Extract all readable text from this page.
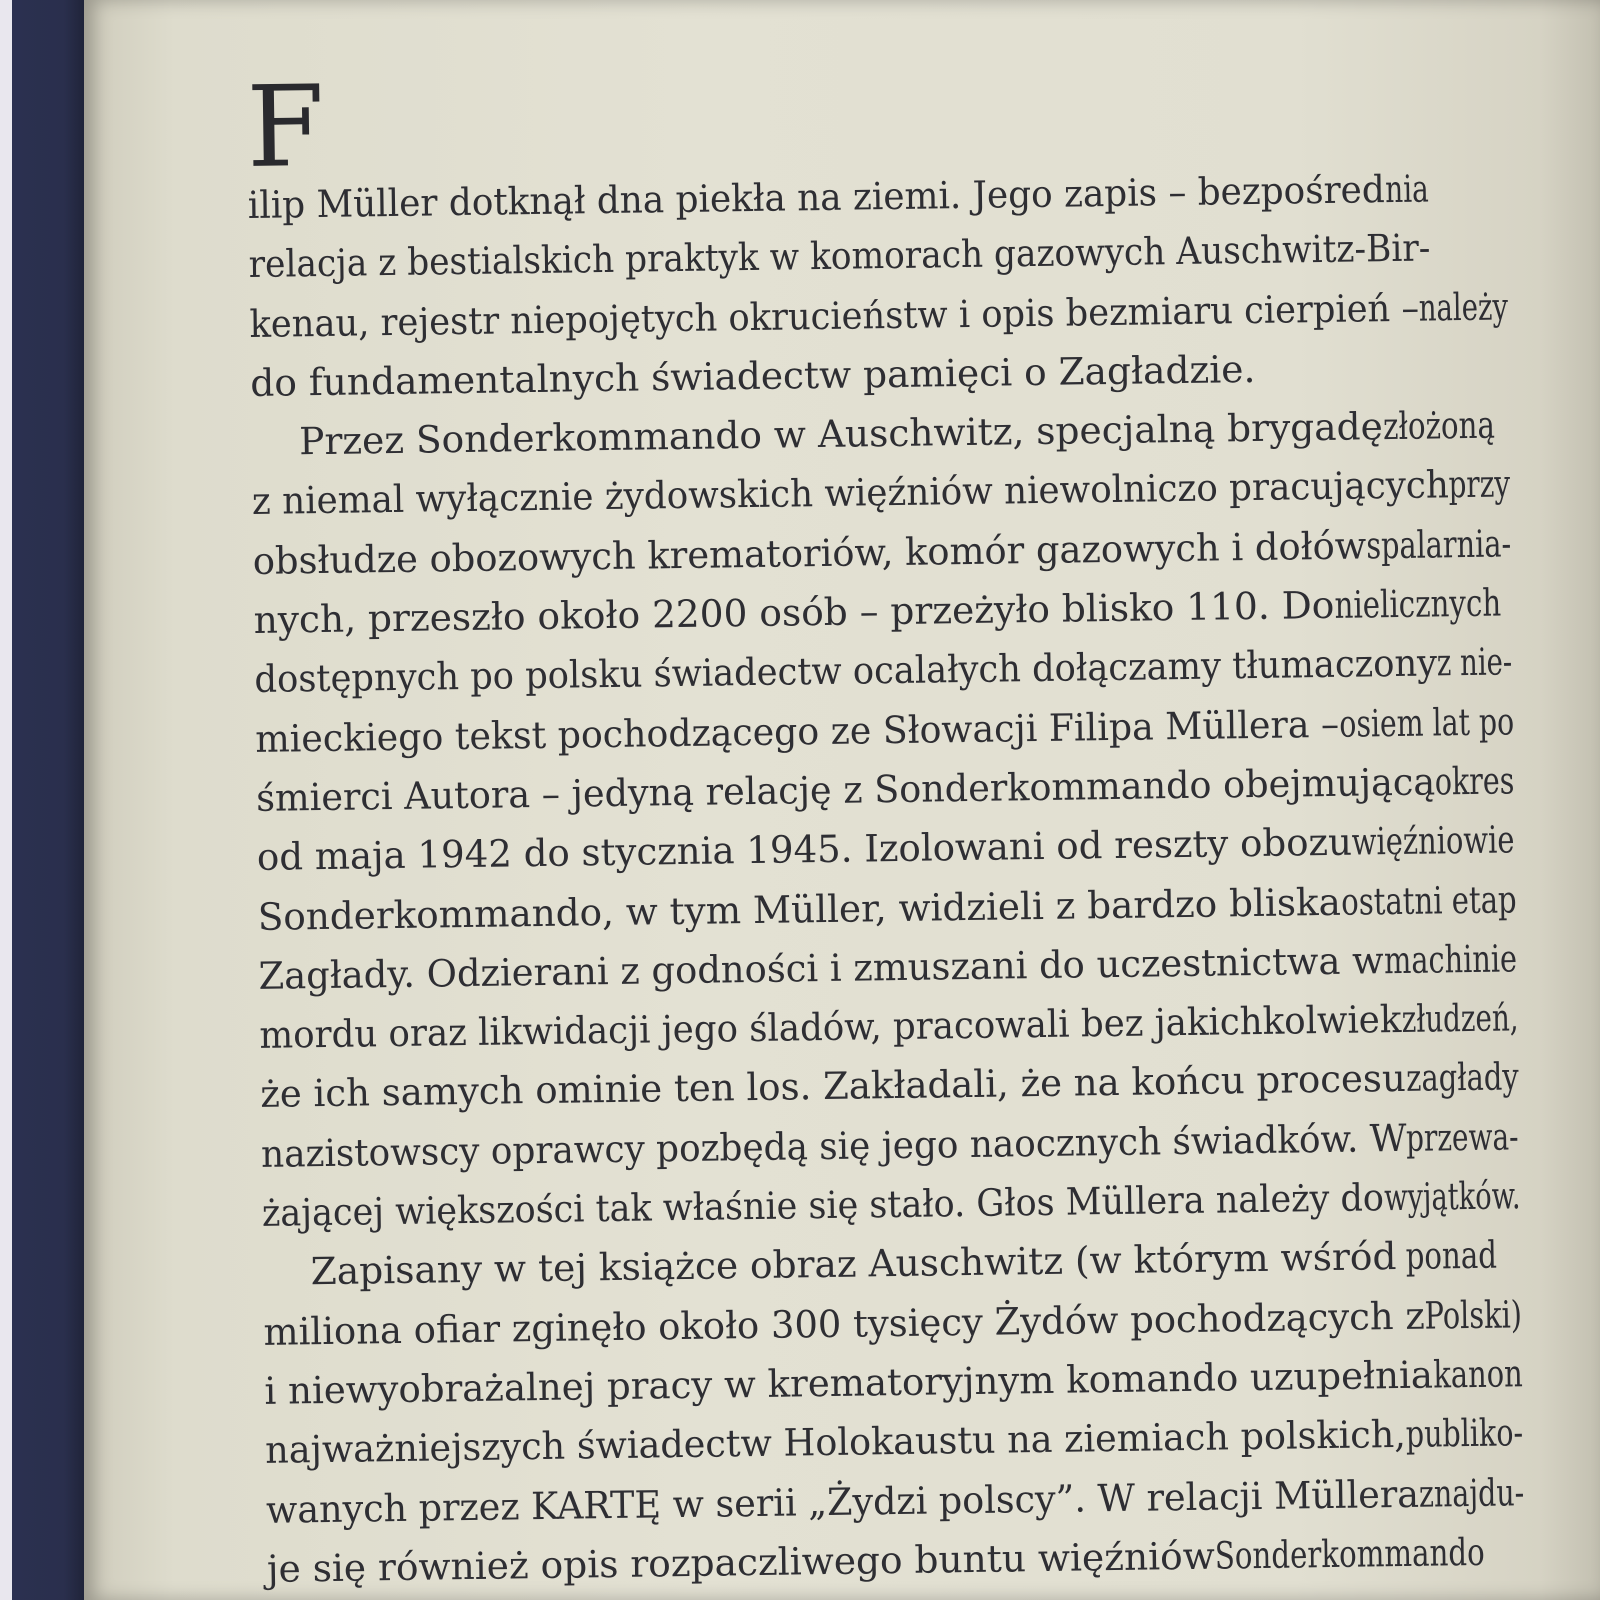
F
ilip Müller dotknął dna piekła na ziemi. Jego zapis – bezpośred nia
relacja z bestialskich praktyk w komorach gazowych Auschwitz-Bir-
kenau, rejestr niepojętych okrucieństw i opis bezmiaru cierpień – należy
do fundamentalnych świadectw pamięci o Zagładzie.
Przez Sonderkommando w Auschwitz, specjalną brygadę złożoną
z niemal wyłącznie żydowskich więźniów niewolniczo pracujących przy
obsłudze obozowych krematoriów, komór gazowych i dołów spalarnia-
nych, przeszło około 2200 osób – przeżyło blisko 110. Do nielicznych
dostępnych po polsku świadectw ocalałych dołączamy tłumaczony z nie-
mieckiego tekst pochodzącego ze Słowacji Filipa Müllera – osiem lat po
śmierci Autora – jedyną relację z Sonderkommando obejmującą okres
od maja 1942 do stycznia 1945. Izolowani od reszty obozu więźniowie
Sonderkommando, w tym Müller, widzieli z bardzo bliska ostatni etap
Zagłady. Odzierani z godności i zmuszani do uczestnictwa w machinie
mordu oraz likwidacji jego śladów, pracowali bez jakichkolwiek złudzeń,
że ich samych ominie ten los. Zakładali, że na końcu procesu zagłady
nazistowscy oprawcy pozbędą się jego naocznych świadków. W przewa-
żającej większości tak właśnie się stało. Głos Müllera należy do wyjątków.
Zapisany w tej książce obraz Auschwitz (w którym wśród ponad
miliona ofiar zginęło około 300 tysięcy Żydów pochodzących z Polski)
i niewyobrażalnej pracy w krematoryjnym komando uzupełnia kanon
najważniejszych świadectw Holokaustu na ziemiach polskich, publiko-
wanych przez KARTĘ w serii „Żydzi polscy”. W relacji Müllera znajdu-
je się również opis rozpaczliwego buntu więźniów Sonderkommando
